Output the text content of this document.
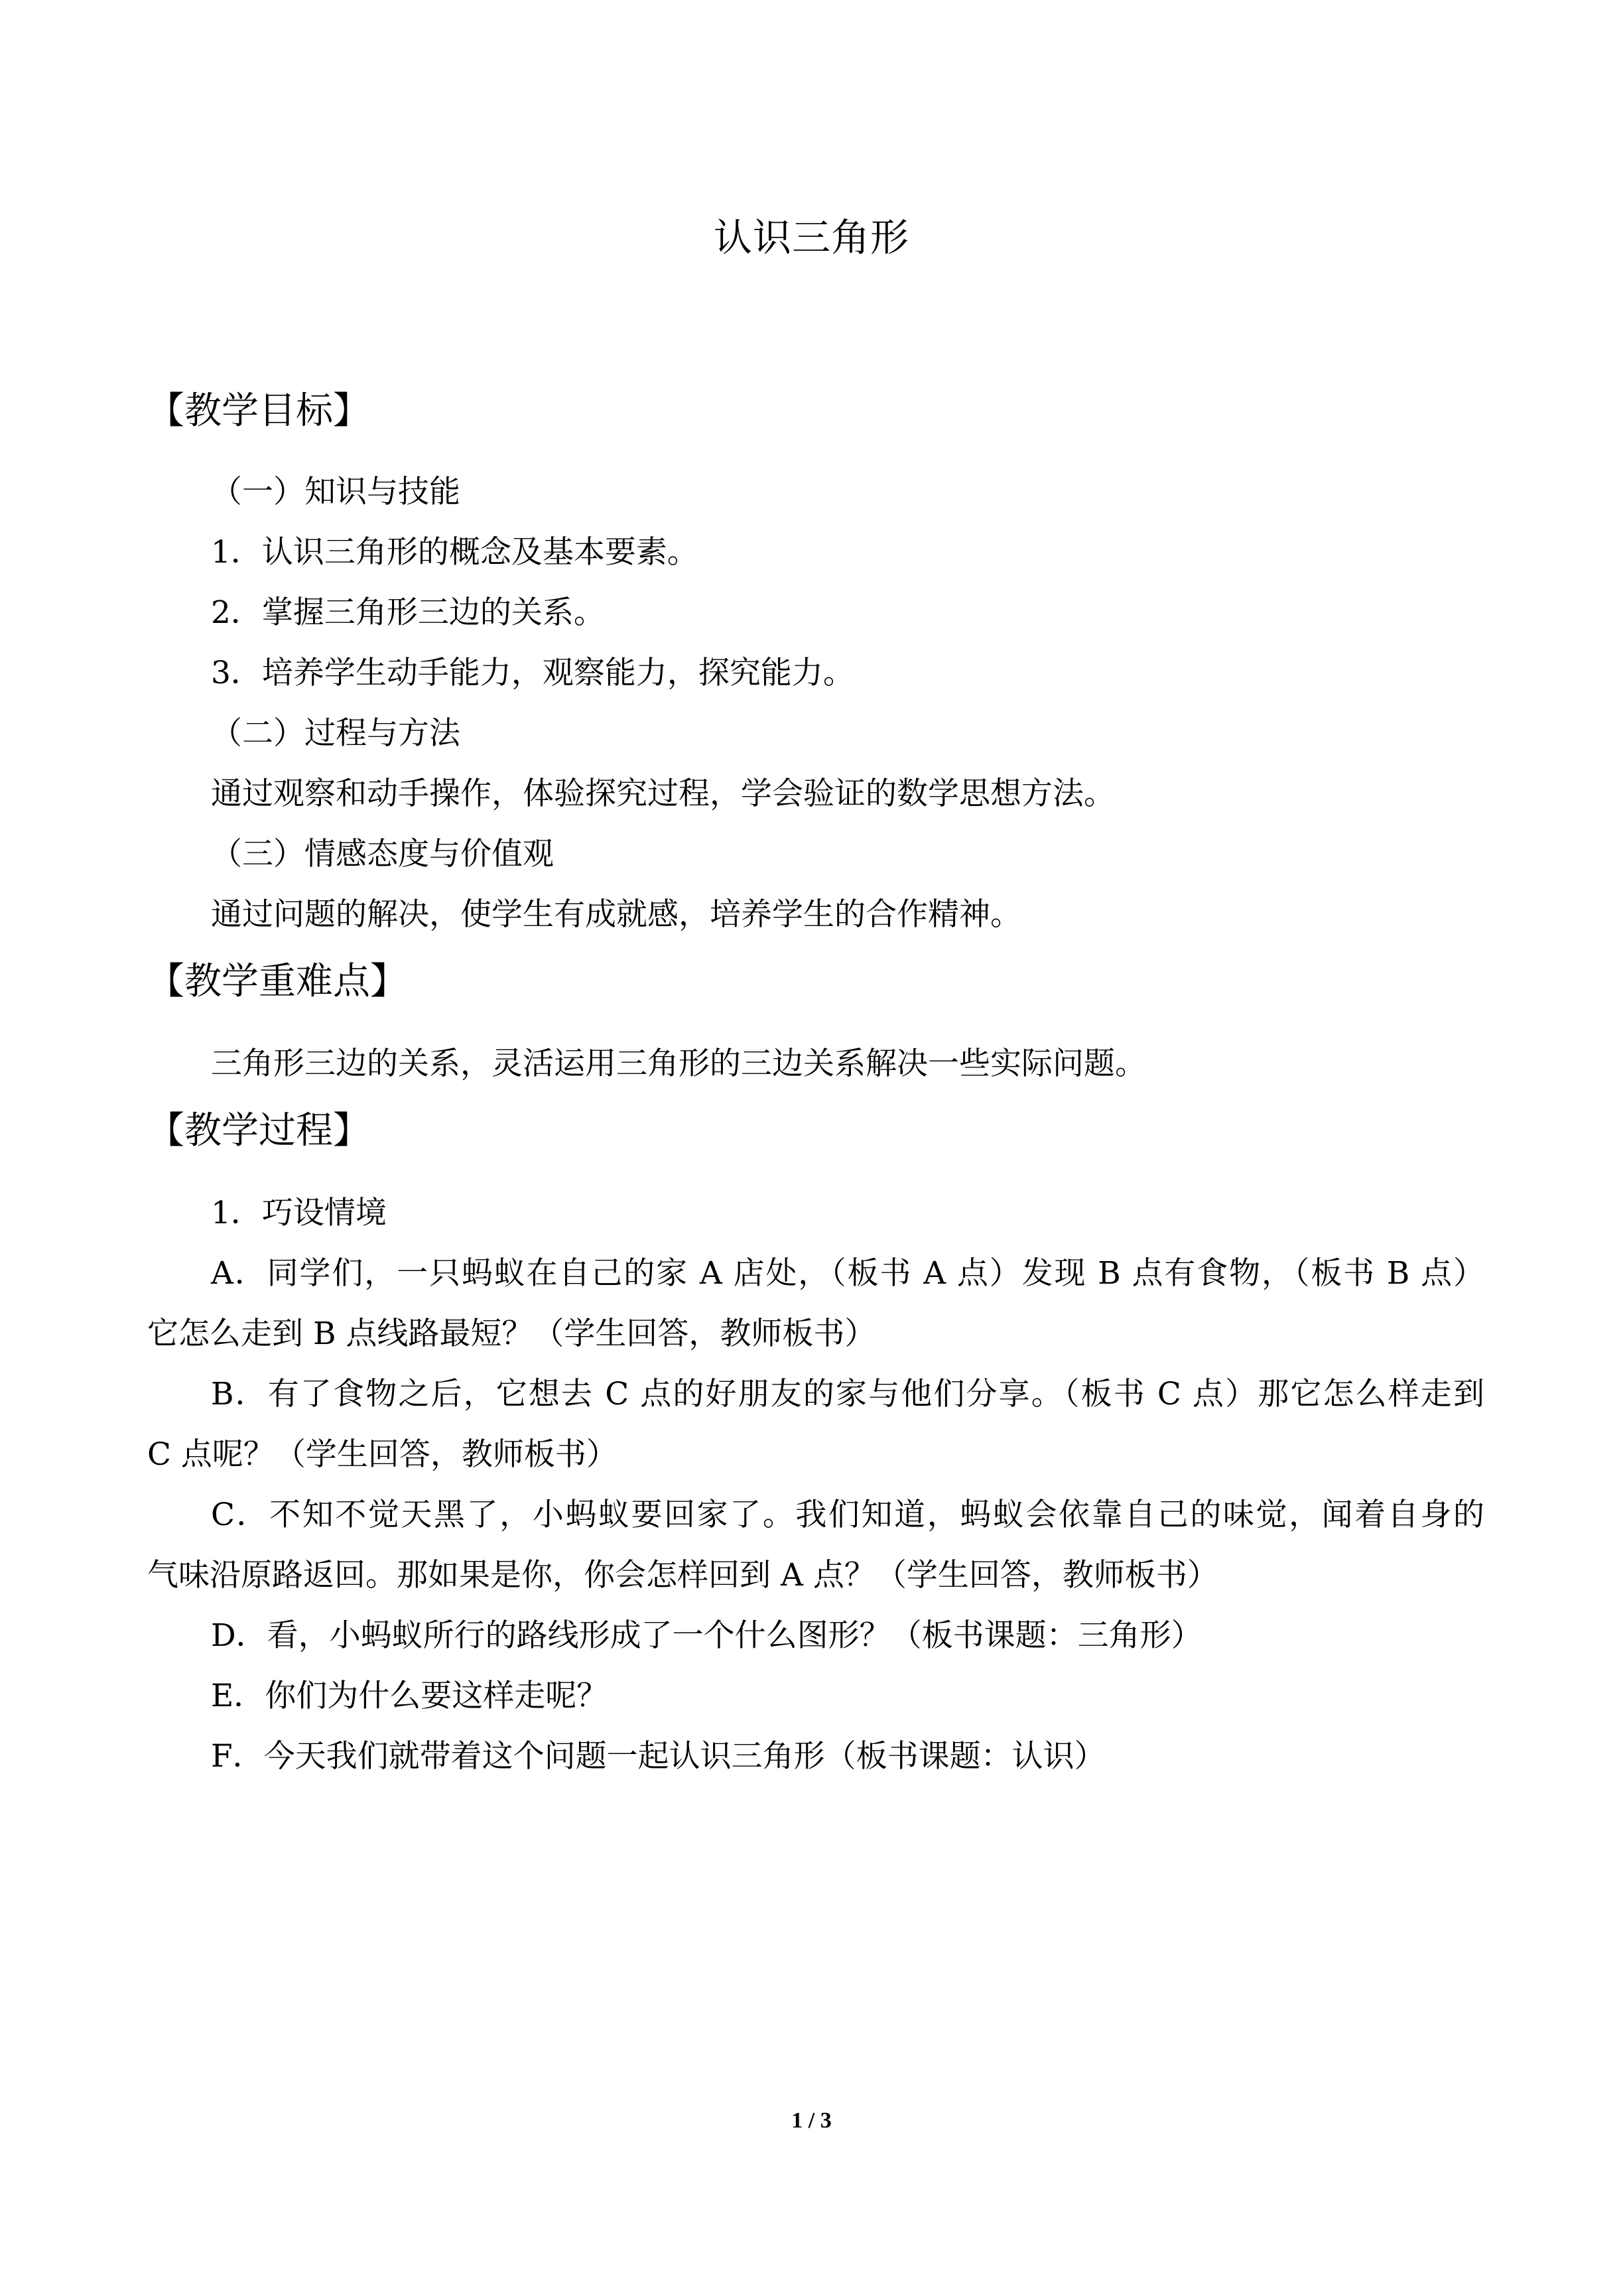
认识三角形
【教学目标】
（一）知识与技能
1．认识三角形的概念及基本要素。
2．掌握三角形三边的关系。
3．培养学生动手能力，观察能力，探究能力。
（二）过程与方法
通过观察和动手操作，体验探究过程，学会验证的数学思想方法。
（三）情感态度与价值观
通过问题的解决，使学生有成就感，培养学生的合作精神。
【教学重难点】
三角形三边的关系，灵活运用三角形的三边关系解决一些实际问题。
【教学过程】
1．巧设情境
A．同学们，一只蚂蚁在自己的家 A 店处，（板书 A 点）发现 B 点有食物，（板书 B 点）
它怎么走到 B 点线路最短？（学生回答，教师板书）
B．有了食物之后，它想去 C 点的好朋友的家与他们分享。（板书 C 点）那它怎么样走到
C 点呢？（学生回答，教师板书）
C．不知不觉天黑了，小蚂蚁要回家了。我们知道，蚂蚁会依靠自己的味觉，闻着自身的
气味沿原路返回。那如果是你，你会怎样回到 A 点？（学生回答，教师板书）
D．看，小蚂蚁所行的路线形成了一个什么图形？（板书课题：三角形）
E．你们为什么要这样走呢？
F．今天我们就带着这个问题一起认识三角形（板书课题：认识）
1 / 3
